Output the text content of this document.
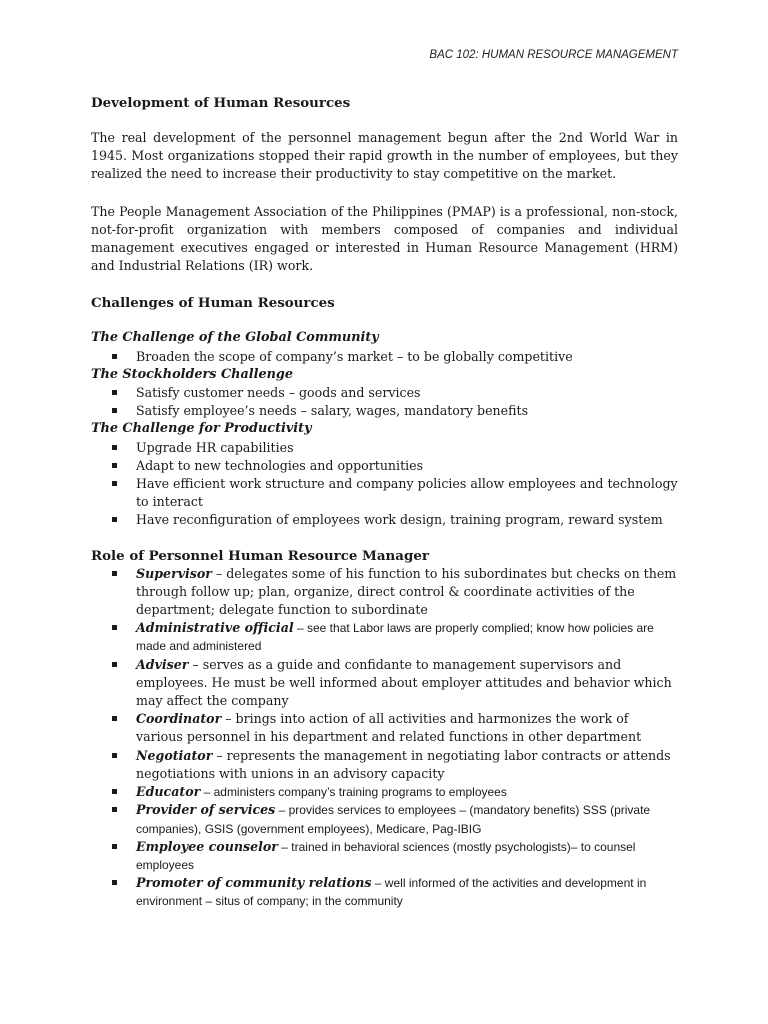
BAC 102: HUMAN RESOURCE MANAGEMENT
Development of Human Resources

The real development of the personnel management begun after the 2nd World War in 1945. Most organizations stopped their rapid growth in the number of employees, but they realized the need to increase their productivity to stay competitive on the market.

The People Management Association of the Philippines (PMAP) is a professional, non-stock, not-for-profit organization with members composed of companies and individual management executives engaged or interested in Human Resource Management (HRM) and Industrial Relations (IR) work.

Challenges of Human Resources
The Challenge of the Global Community
Broaden the scope of company’s market – to be globally competitive
The Stockholders Challenge
Satisfy customer needs – goods and services
Satisfy employee’s needs – salary, wages, mandatory benefits
The Challenge for Productivity
Upgrade HR capabilities
Adapt to new technologies and opportunities
Have efficient work structure and company policies allow employees and technology to interact
Have reconfiguration of employees work design, training program, reward system
Role of Personnel Human Resource Manager
Supervisor – delegates some of his function to his subordinates but checks on them through follow up; plan, organize, direct control & coordinate activities of the department; delegate function to subordinate
Administrative official – see that Labor laws are properly complied; know how policies are made and administered
Adviser – serves as a guide and confidante to management supervisors and employees. He must be well informed about employer attitudes and behavior which may affect the company
Coordinator – brings into action of all activities and harmonizes the work of various personnel in his department and related functions in other department
Negotiator – represents the management in negotiating labor contracts or attends negotiations with unions in an advisory capacity
Educator – administers company’s training programs to employees
Provider of services – provides services to employees – (mandatory benefits) SSS (private companies), GSIS (government employees), Medicare, Pag-IBIG
Employee counselor – trained in behavioral sciences (mostly psychologists)– to counsel employees
Promoter of community relations – well informed of the activities and development in environment – situs of company; in the community
